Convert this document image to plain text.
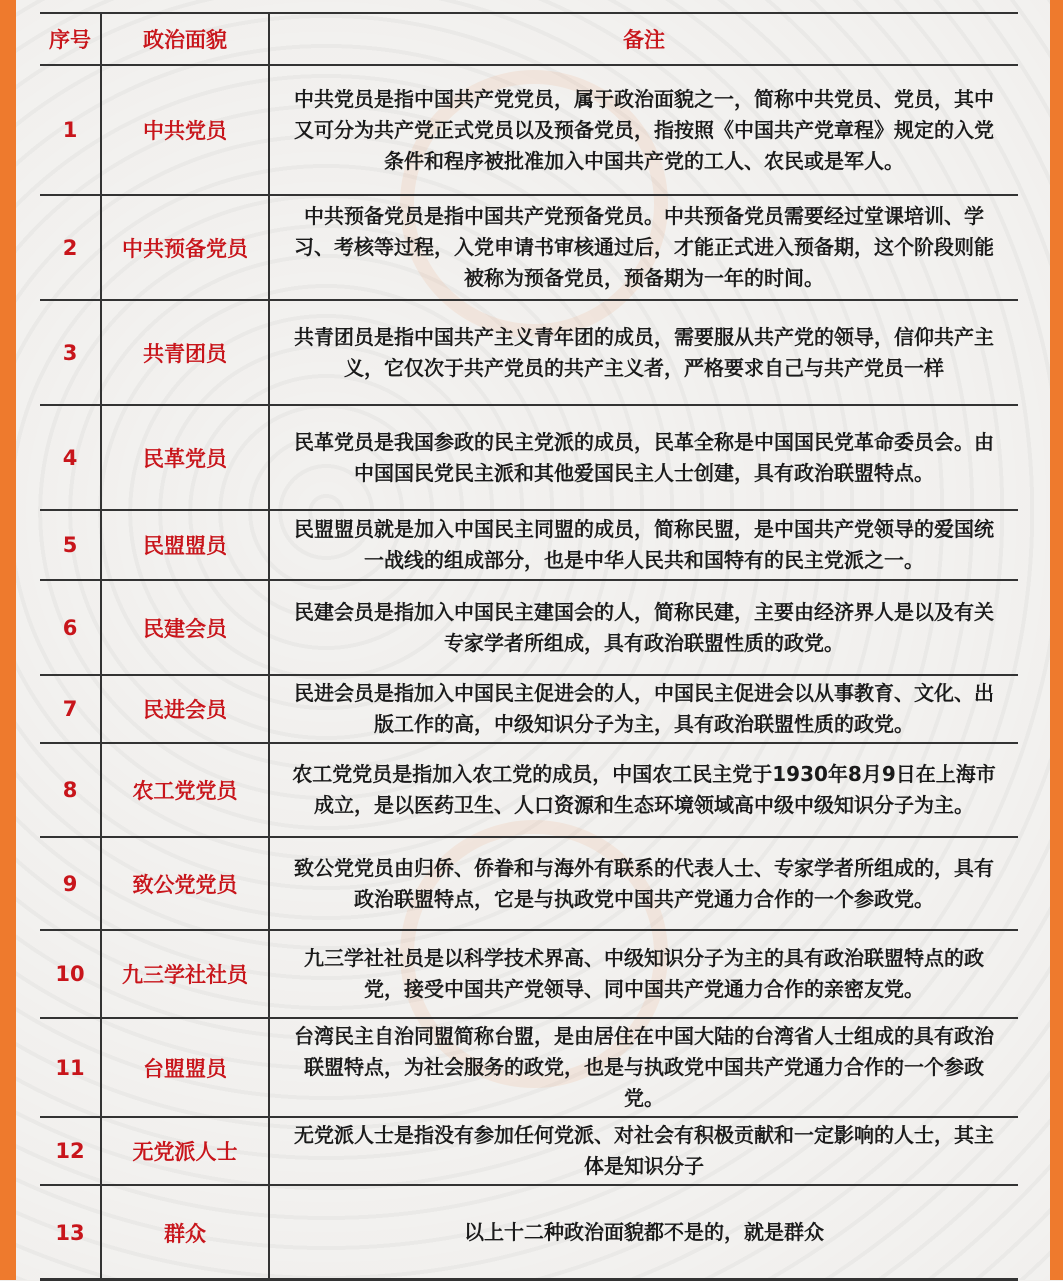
序号	政治面貌	备注
1	中共党员	中共党员是指中国共产党党员，属于政治面貌之一，简称中共党员、党员，其中又可分为共产党正式党员以及预备党员，指按照《中国共产党章程》规定的入党条件和程序被批准加入中国共产党的工人、农民或是军人。
2	中共预备党员	中共预备党员是指中国共产党预备党员。中共预备党员需要经过堂课培训、学习、考核等过程，入党申请书审核通过后，才能正式进入预备期，这个阶段则能被称为预备党员，预备期为一年的时间。
3	共青团员	共青团员是指中国共产主义青年团的成员，需要服从共产党的领导，信仰共产主义，它仅次于共产党员的共产主义者，严格要求自己与共产党员一样
4	民革党员	民革党员是我国参政的民主党派的成员，民革全称是中国国民党革命委员会。由中国国民党民主派和其他爱国民主人士创建，具有政治联盟特点。
5	民盟盟员	民盟盟员就是加入中国民主同盟的成员，简称民盟，是中国共产党领导的爱国统一战线的组成部分，也是中华人民共和国特有的民主党派之一。
6	民建会员	民建会员是指加入中国民主建国会的人，简称民建，主要由经济界人是以及有关专家学者所组成，具有政治联盟性质的政党。
7	民进会员	民进会员是指加入中国民主促进会的人，中国民主促进会以从事教育、文化、出版工作的高，中级知识分子为主，具有政治联盟性质的政党。
8	农工党党员	农工党党员是指加入农工党的成员，中国农工民主党于1930年8月9日在上海市成立，是以医药卫生、人口资源和生态环境领域高中级中级知识分子为主。
9	致公党党员	致公党党员由归侨、侨眷和与海外有联系的代表人士、专家学者所组成的，具有政治联盟特点，它是与执政党中国共产党通力合作的一个参政党。
10	九三学社社员	九三学社社员是以科学技术界高、中级知识分子为主的具有政治联盟特点的政党，接受中国共产党领导、同中国共产党通力合作的亲密友党。
11	台盟盟员	台湾民主自治同盟简称台盟，是由居住在中国大陆的台湾省人士组成的具有政治联盟特点，为社会服务的政党，也是与执政党中国共产党通力合作的一个参政党。
12	无党派人士	无党派人士是指没有参加任何党派、对社会有积极贡献和一定影响的人士，其主体是知识分子
13	群众	以上十二种政治面貌都不是的，就是群众
